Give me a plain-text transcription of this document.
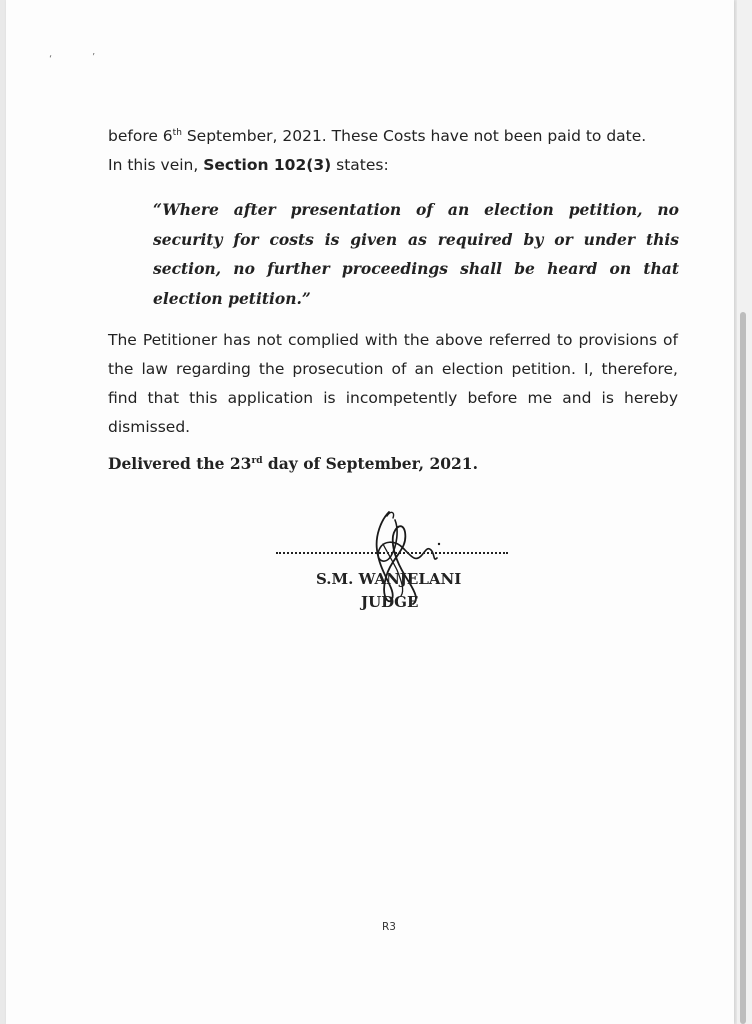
‘	’
before 6th September, 2021. These Costs have not been paid to date.
In this vein, Section 102(3) states:
“Where after presentation of an election petition, no security for costs is given as required by or under this section, no further proceedings shall be heard on that election petition.”
The Petitioner has not complied with the above referred to provisions of the law regarding the prosecution of an election petition. I, therefore, find that this application is incompetently before me and is hereby dismissed.
Delivered the 23rd day of September, 2021.
S.M. WANJELANI
JUDGE
R3
